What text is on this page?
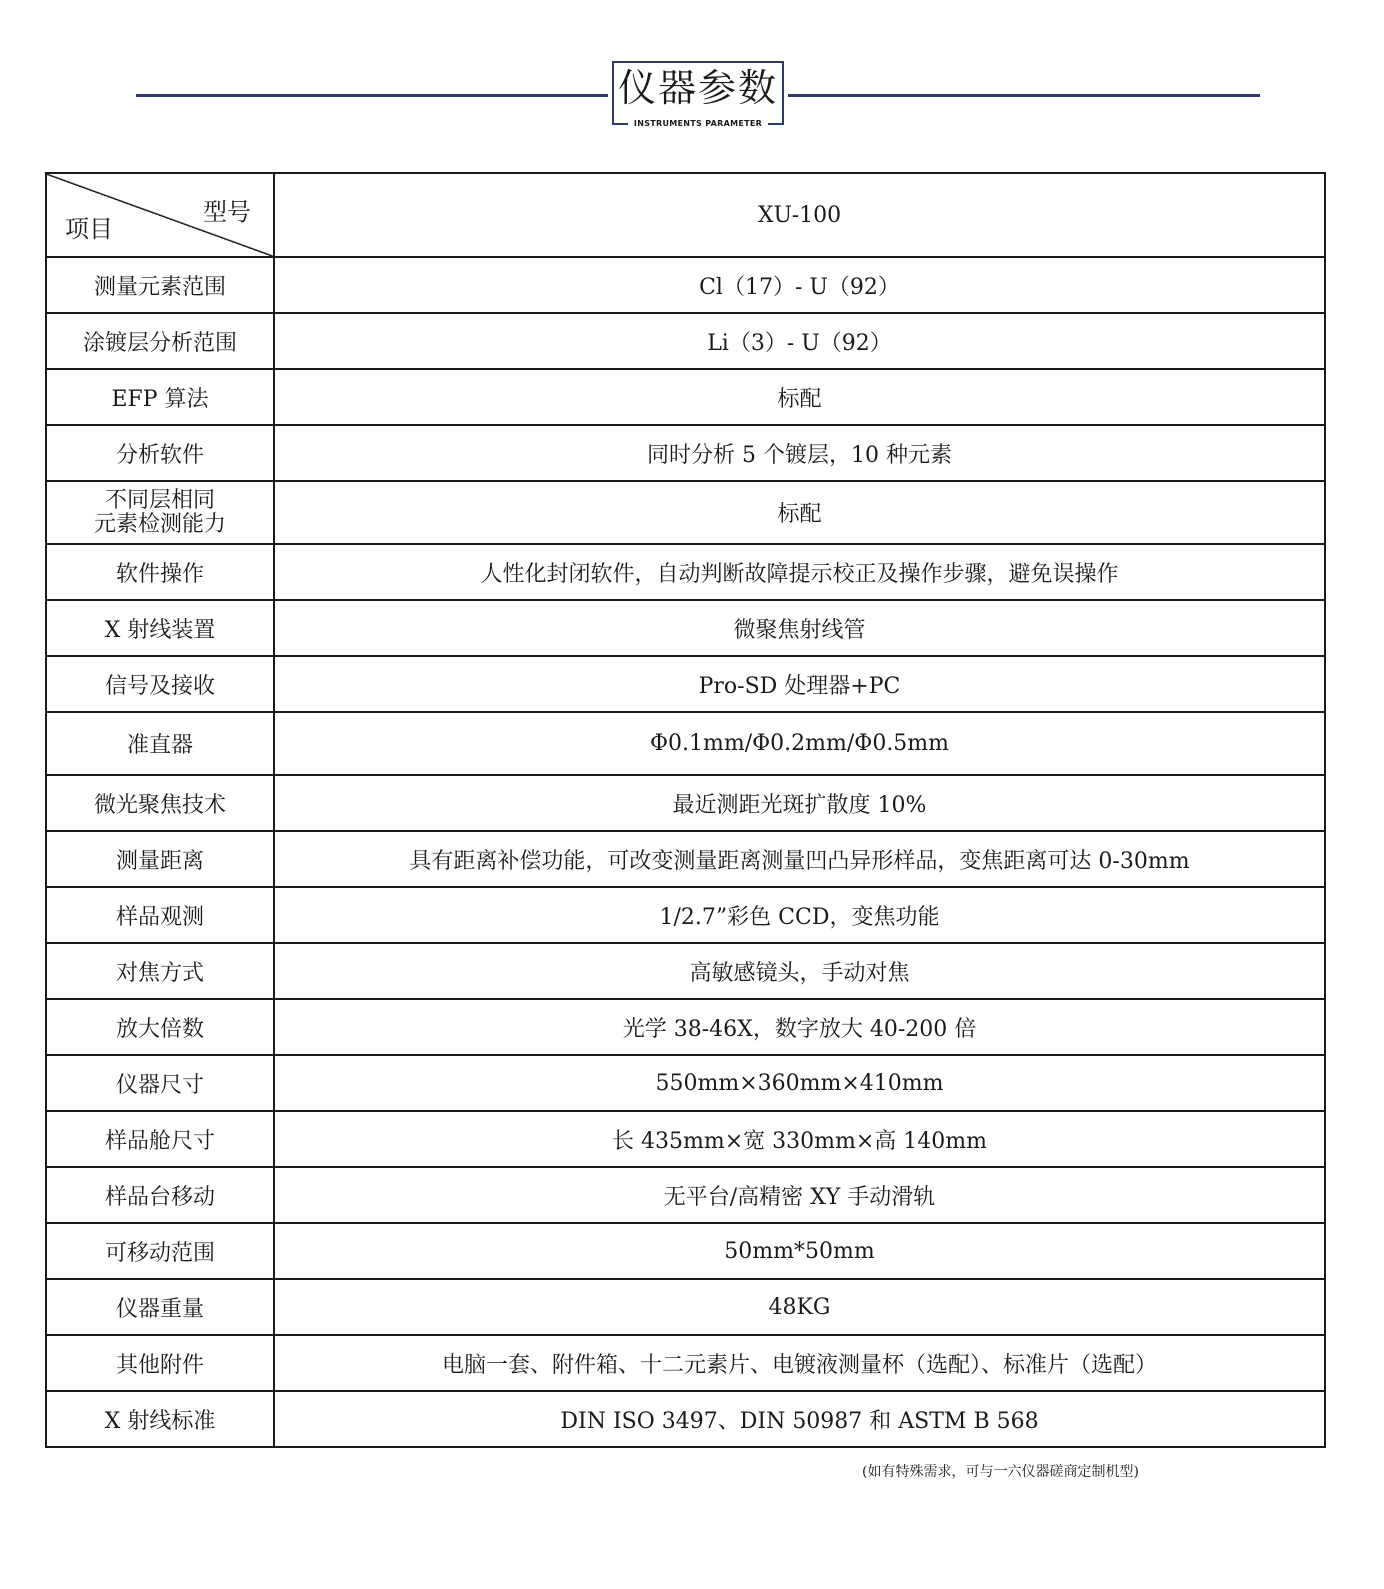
仪器参数
INSTRUMENTS PARAMETER
型号
项目	XU-100
测量元素范围	Cl（17）- U（92）
涂镀层分析范围	Li（3）- U（92）
EFP 算法	标配
分析软件	同时分析 5 个镀层，10 种元素

不同层相同
元素检测能力	标配
软件操作	人性化封闭软件，自动判断故障提示校正及操作步骤，避免误操作
X 射线装置	微聚焦射线管
信号及接收	Pro-SD 处理器+PC
准直器	Φ0.1mm/Φ0.2mm/Φ0.5mm
微光聚焦技术	最近测距光斑扩散度 10%
测量距离	具有距离补偿功能，可改变测量距离测量凹凸异形样品，变焦距离可达 0-30mm
样品观测	1/2.7”彩色 CCD，变焦功能
对焦方式	高敏感镜头，手动对焦
放大倍数	光学 38-46X，数字放大 40-200 倍
仪器尺寸	550mm×360mm×410mm
样品舱尺寸	长 435mm×宽 330mm×高 140mm
样品台移动	无平台/高精密 XY 手动滑轨
可移动范围	50mm*50mm
仪器重量	48KG
其他附件	电脑一套、附件箱、十二元素片、电镀液测量杯（选配）、标准片（选配）
X 射线标准	DIN ISO 3497、DIN 50987 和 ASTM B 568
(如有特殊需求，可与一六仪器磋商定制机型)
